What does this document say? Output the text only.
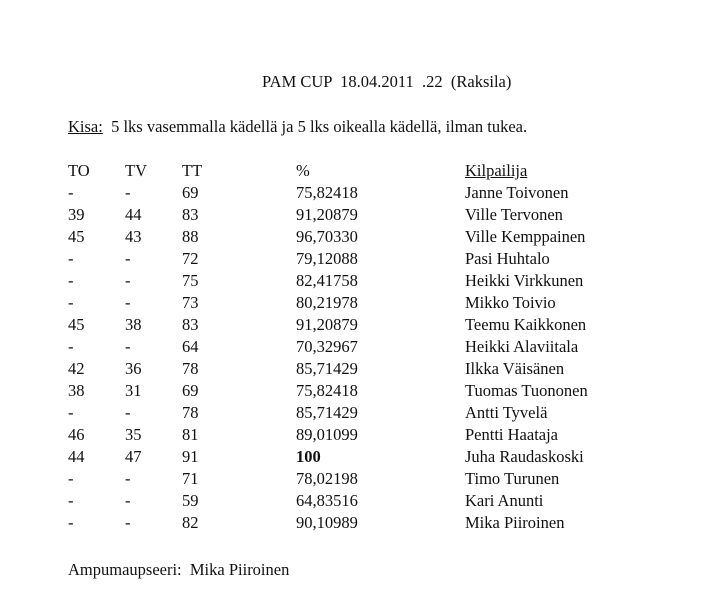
PAM CUP  18.04.2011  .22  (Raksila)
Kisa: 5 lks vasemmalla kädellä ja 5 lks oikealla kädellä, ilman tukea.
TO TV TT	%	Kilpailija
-	-	69	75,82418	Janne Toivonen
39 44 83	91,20879	Ville Tervonen
45 43 88	96,70330	Ville Kemppainen
-	-	72	79,12088	Pasi Huhtalo
-	-	75	82,41758	Heikki Virkkunen
-	-	73	80,21978	Mikko Toivio
45 38 83	91,20879	Teemu Kaikkonen
-	-	64	70,32967	Heikki Alaviitala
42 36 78	85,71429	Ilkka Väisänen
38 31 69	75,82418	Tuomas Tuononen
-	-	78	85,71429	Antti Tyvelä
46 35 81	89,01099	Pentti Haataja
44 47 91	100	Juha Raudaskoski
-	-	71	78,02198	Timo Turunen
-	-	59	64,83516	Kari Anunti
-	-	82	90,10989	Mika Piiroinen
Ampumaupseeri:  Mika Piiroinen
